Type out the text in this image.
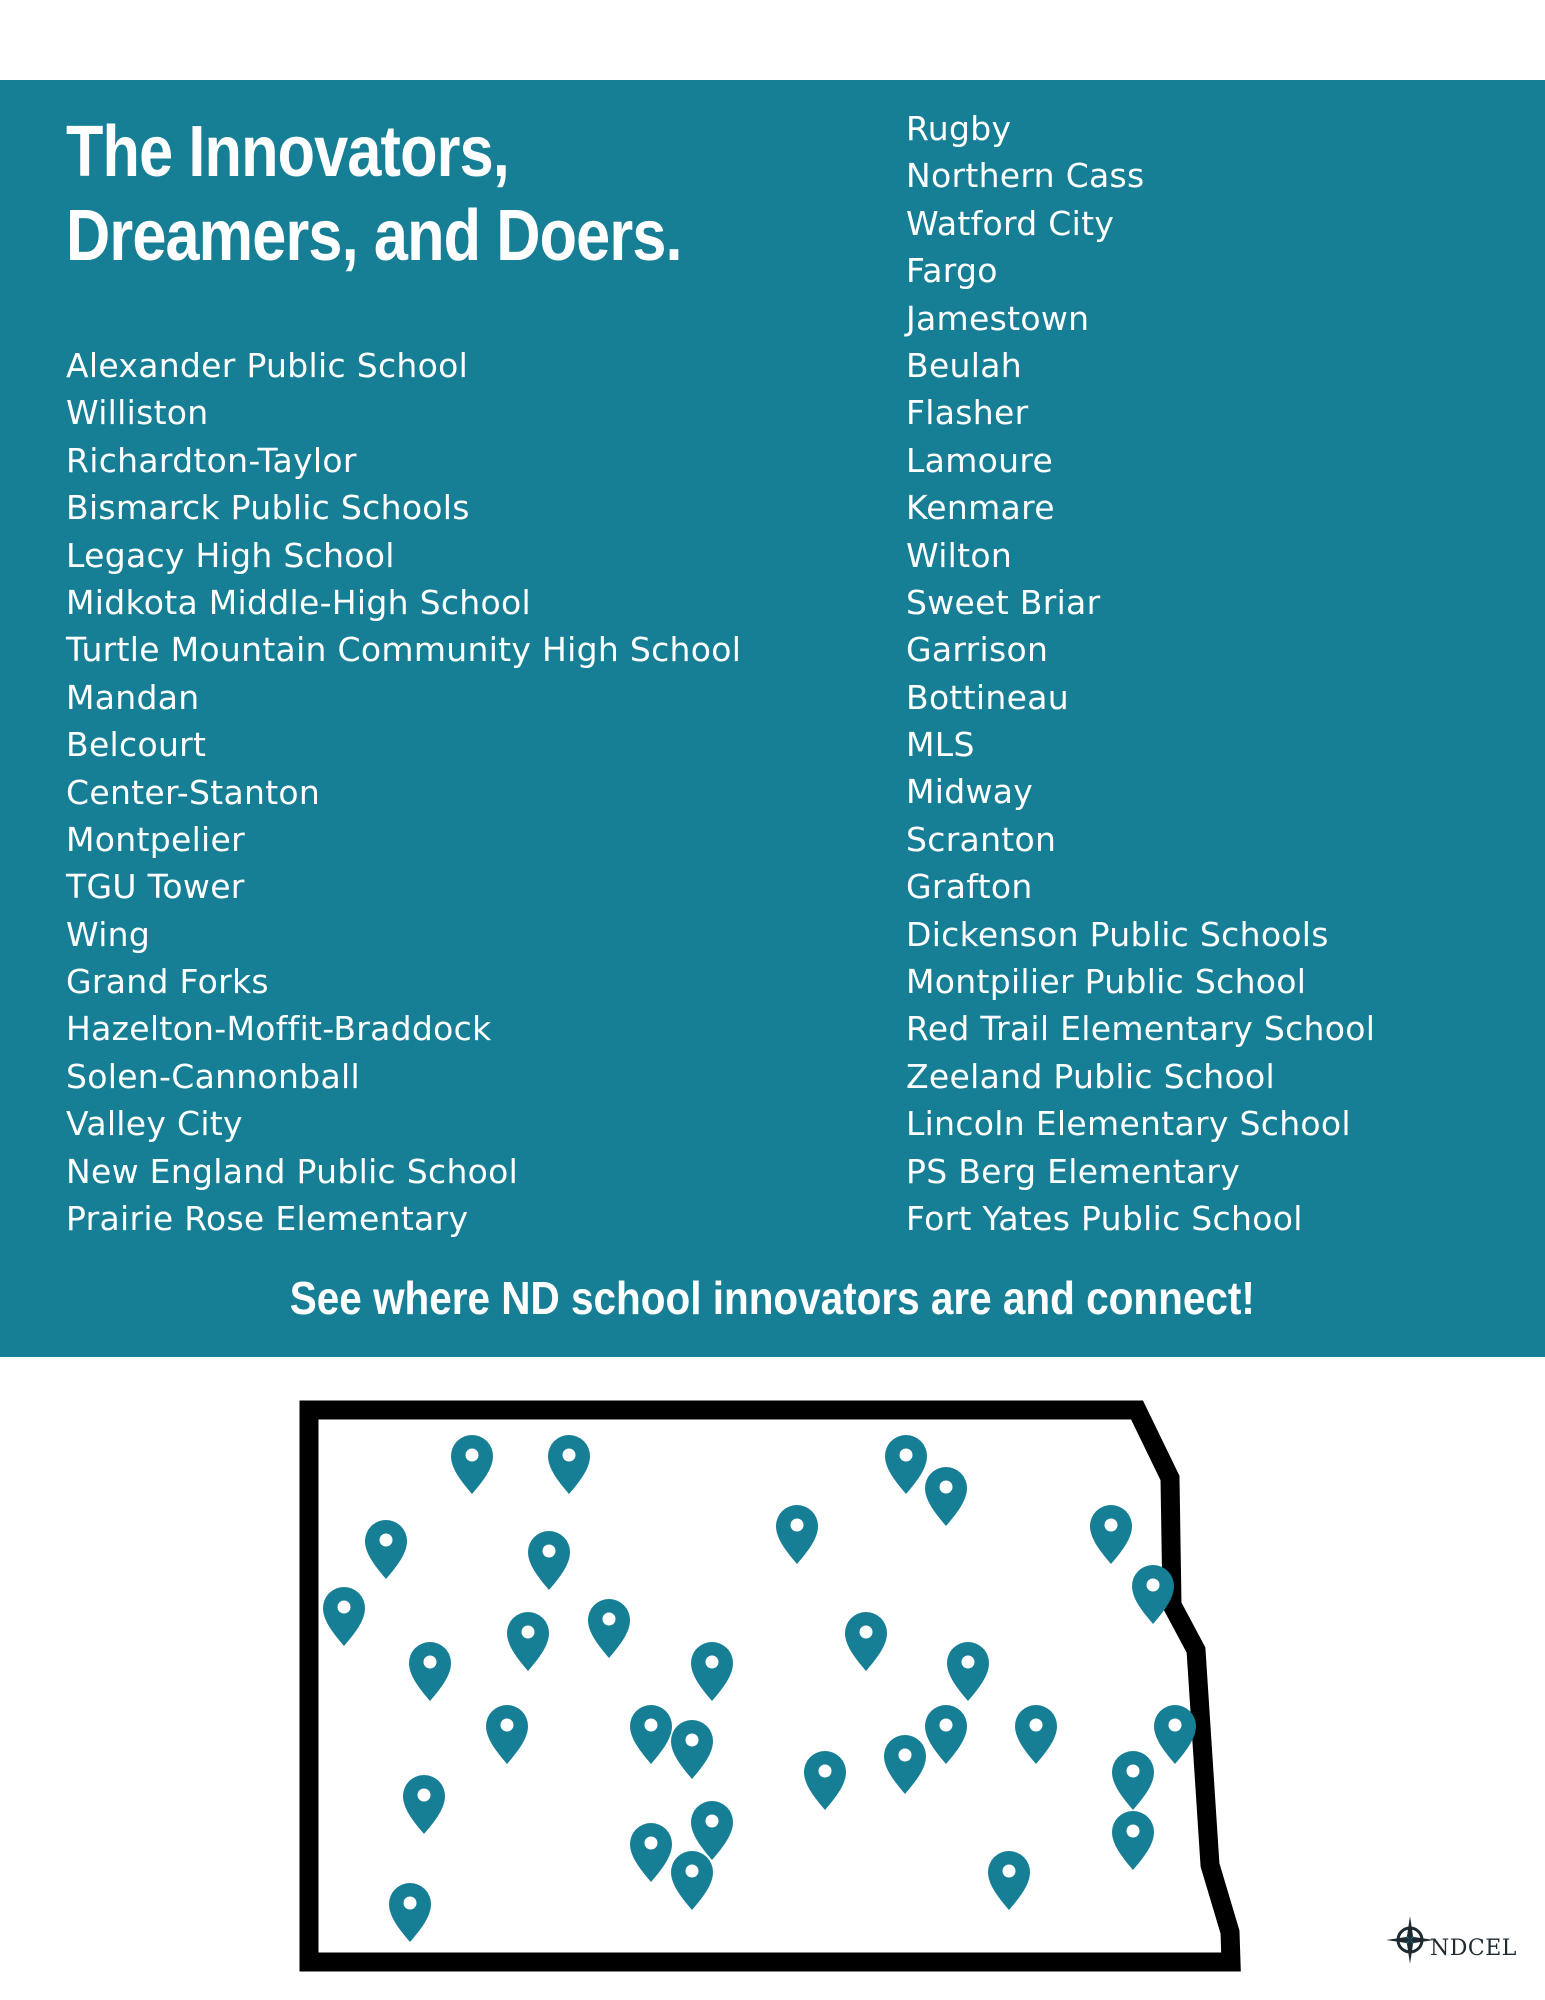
The Innovators,
Dreamers, and Doers.
Alexander Public School
Williston
Richardton-Taylor
Bismarck Public Schools
Legacy High School
Midkota Middle-High School
Turtle Mountain Community High School
Mandan
Belcourt
Center-Stanton
Montpelier
TGU Tower
Wing
Grand Forks
Hazelton-Moffit-Braddock
Solen-Cannonball
Valley City
New England Public School
Prairie Rose Elementary
Rugby
Northern Cass
Watford City
Fargo
Jamestown
Beulah
Flasher
Lamoure
Kenmare
Wilton
Sweet Briar
Garrison
Bottineau
MLS
Midway
Scranton
Grafton
Dickenson Public Schools
Montpilier Public School
Red Trail Elementary School
Zeeland Public School
Lincoln Elementary School
PS Berg Elementary
Fort Yates Public School
See where ND school innovators are and connect!
NDCEL
